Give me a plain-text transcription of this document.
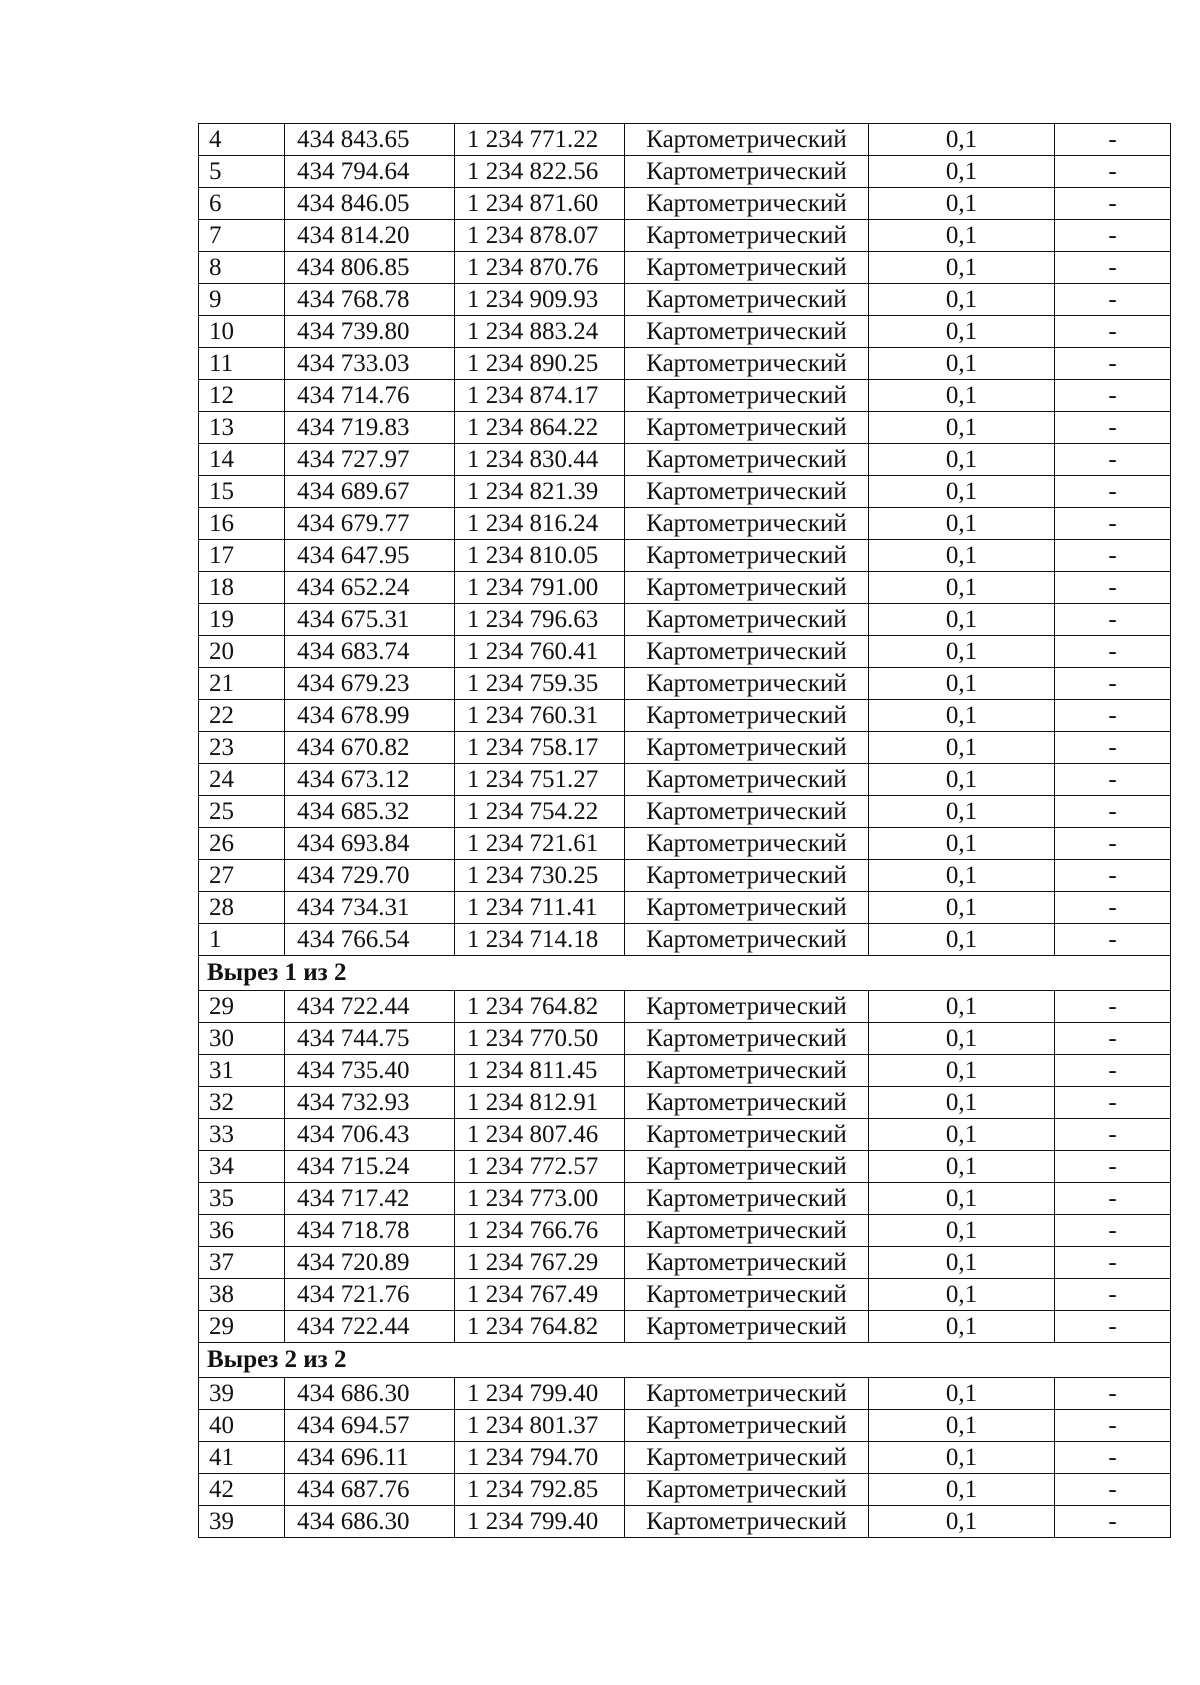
4	434 843.65	1 234 771.22	Картометрический	0,1	-
5	434 794.64	1 234 822.56	Картометрический	0,1	-
6	434 846.05	1 234 871.60	Картометрический	0,1	-
7	434 814.20	1 234 878.07	Картометрический	0,1	-
8	434 806.85	1 234 870.76	Картометрический	0,1	-
9	434 768.78	1 234 909.93	Картометрический	0,1	-
10	434 739.80	1 234 883.24	Картометрический	0,1	-
11	434 733.03	1 234 890.25	Картометрический	0,1	-
12	434 714.76	1 234 874.17	Картометрический	0,1	-
13	434 719.83	1 234 864.22	Картометрический	0,1	-
14	434 727.97	1 234 830.44	Картометрический	0,1	-
15	434 689.67	1 234 821.39	Картометрический	0,1	-
16	434 679.77	1 234 816.24	Картометрический	0,1	-
17	434 647.95	1 234 810.05	Картометрический	0,1	-
18	434 652.24	1 234 791.00	Картометрический	0,1	-
19	434 675.31	1 234 796.63	Картометрический	0,1	-
20	434 683.74	1 234 760.41	Картометрический	0,1	-
21	434 679.23	1 234 759.35	Картометрический	0,1	-
22	434 678.99	1 234 760.31	Картометрический	0,1	-
23	434 670.82	1 234 758.17	Картометрический	0,1	-
24	434 673.12	1 234 751.27	Картометрический	0,1	-
25	434 685.32	1 234 754.22	Картометрический	0,1	-
26	434 693.84	1 234 721.61	Картометрический	0,1	-
27	434 729.70	1 234 730.25	Картометрический	0,1	-
28	434 734.31	1 234 711.41	Картометрический	0,1	-
1	434 766.54	1 234 714.18	Картометрический	0,1	-
Вырез 1 из 2					
29	434 722.44	1 234 764.82	Картометрический	0,1	-
30	434 744.75	1 234 770.50	Картометрический	0,1	-
31	434 735.40	1 234 811.45	Картометрический	0,1	-
32	434 732.93	1 234 812.91	Картометрический	0,1	-
33	434 706.43	1 234 807.46	Картометрический	0,1	-
34	434 715.24	1 234 772.57	Картометрический	0,1	-
35	434 717.42	1 234 773.00	Картометрический	0,1	-
36	434 718.78	1 234 766.76	Картометрический	0,1	-
37	434 720.89	1 234 767.29	Картометрический	0,1	-
38	434 721.76	1 234 767.49	Картометрический	0,1	-
29	434 722.44	1 234 764.82	Картометрический	0,1	-
Вырез 2 из 2					
39	434 686.30	1 234 799.40	Картометрический	0,1	-
40	434 694.57	1 234 801.37	Картометрический	0,1	-
41	434 696.11	1 234 794.70	Картометрический	0,1	-
42	434 687.76	1 234 792.85	Картометрический	0,1	-
39	434 686.30	1 234 799.40	Картометрический	0,1	-
